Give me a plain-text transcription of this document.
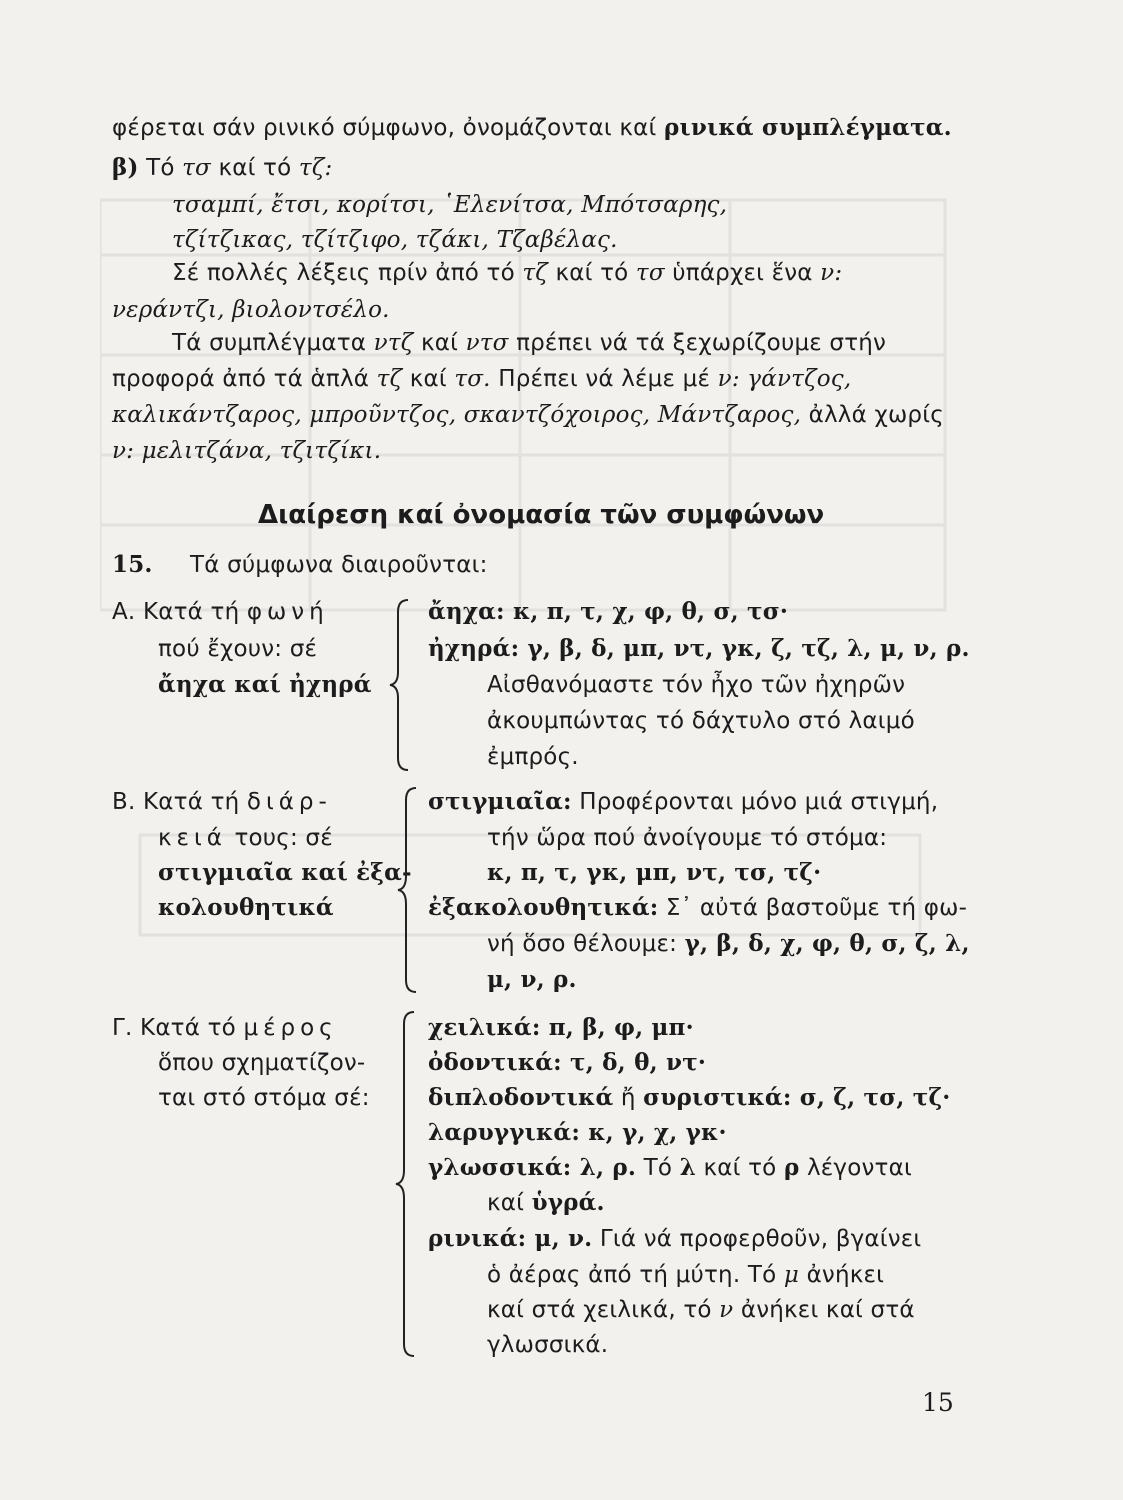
φέρεται σάν ρινικό σύμφωνο, ὀνομάζονται καί ρινικά συμπλέγματα.
β) Τό τσ καί τό τζ:
τσαμπί, ἔτσι, κορίτσι, ῾Ελενίτσα, Μπότσαρης,
τζίτζικας, τζίτζιφο, τζάκι, Τζαβέλας.
Σέ πολλές λέξεις πρίν ἀπό τό τζ καί τό τσ ὑπάρχει ἕνα ν:
νεράντζι, βιολοντσέλο.
Τά συμπλέγματα ντζ καί ντσ πρέπει νά τά ξεχωρίζουμε στήν
προφορά ἀπό τά ἁπλά τζ καί τσ. Πρέπει νά λέμε μέ ν: γάντζος,
καλικάντζαρος, μπροῦντζος, σκαντζόχοιρος, Μάντζαρος, ἀλλά χωρίς
ν: μελιτζάνα, τζιτζίκι.
Διαίρεση καί ὀνομασία τῶν συμφώνων
15. Τά σύμφωνα διαιροῦνται:
Α. Κατά τή φωνή
πού ἔχουν: σέ
ἄηχα καί ἠχηρά
ἄηχα: κ, π, τ, χ, φ, θ, σ, τσ·
ἠχηρά: γ, β, δ, μπ, ντ, γκ, ζ, τζ, λ, μ, ν, ρ.
Αἰσθανόμαστε τόν ἦχο τῶν ἠχηρῶν
ἀκουμπώντας τό δάχτυλο στό λαιμό
ἐμπρός.
Β. Κατά τή διάρ-
κειά τους: σέ
στιγμιαῖα καί ἐξα-
κολουθητικά
στιγμιαῖα: Προφέρονται μόνο μιά στιγμή,
τήν ὥρα πού ἀνοίγουμε τό στόμα:
κ, π, τ, γκ, μπ, ντ, τσ, τζ·
ἐξακολουθητικά: Σ᾽ αὐτά βαστοῦμε τή φω-
νή ὅσο θέλουμε: γ, β, δ, χ, φ, θ, σ, ζ, λ,
μ, ν, ρ.
Γ. Κατά τό μέρος
ὅπου σχηματίζον-
ται στό στόμα σέ:
χειλικά: π, β, φ, μπ·
ὀδοντικά: τ, δ, θ, ντ·
διπλοδοντικά ἤ συριστικά: σ, ζ, τσ, τζ·
λαρυγγικά: κ, γ, χ, γκ·
γλωσσικά: λ, ρ. Τό λ καί τό ρ λέγονται
καί ὑγρά.
ρινικά: μ, ν. Γιά νά προφερθοῦν, βγαίνει
ὁ ἀέρας ἀπό τή μύτη. Τό μ ἀνήκει
καί στά χειλικά, τό ν ἀνήκει καί στά
γλωσσικά.
15
